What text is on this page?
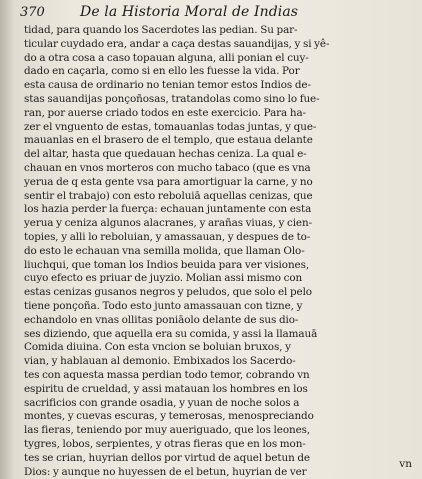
370	De la Historia Moral de Indias
tidad, para quando los Sacerdotes las pedian. Su par-
ticular cuydado era, andar a caça destas sauandijas, y si yê-
do a otra cosa a caso topauan alguna, alli ponian el cuy-
dado en caçarla, como si en ello les fuesse la vida. Por
esta causa de ordinario no tenian temor estos Indios de-
stas sauandijas ponçoñosas, tratandolas como sino lo fue-
ran, por auerse criado todos en este exercicio. Para ha-
zer el vnguento de estas, tomauanlas todas juntas, y que-
mauanlas en el brasero de el templo, que estaua delante
del altar, hasta que quedauan hechas ceniza. La qual e-
chauan en vnos morteros con mucho tabaco (que es vna
yerua de q esta gente vsa para amortiguar la carne, y no
sentir el trabajo) con esto reboluiā aquellas cenizas, que
los hazia perder la fuerça: echauan juntamente con esta
yerua y ceniza algunos alacranes, y arañas viuas, y cien-
topies, y alli lo reboluian, y amassauan, y despues de to-
do esto le echauan vna semilla molida, que llaman Olo-
liuchqui, que toman los Indios beuida para ver visiones,
cuyo efecto es priuar de juyzio. Molian assi mismo con
estas cenizas gusanos negros y peludos, que solo el pelo
tiene ponçoña. Todo esto junto amassauan con tizne, y
echandolo en vnas ollitas poniāolo delante de sus dio-
ses diziendo, que aquella era su comida, y assi la llamauā
Comida diuina. Con esta vncion se boluian bruxos, y
vian, y hablauan al demonio. Embixados los Sacerdo-
tes con aquesta massa perdian todo temor, cobrando vn
espiritu de crueldad, y assi matauan los hombres en los
sacrificios con grande osadia, y yuan de noche solos a
montes, y cuevas escuras, y temerosas, menospreciando
las fieras, teniendo por muy aueriguado, que los leones,
tygres, lobos, serpientes, y otras fieras que en los mon-
tes se crian, huyrian dellos por virtud de aquel betun de
Dios: y aunque no huyessen de el betun, huyrian de ver
vn
